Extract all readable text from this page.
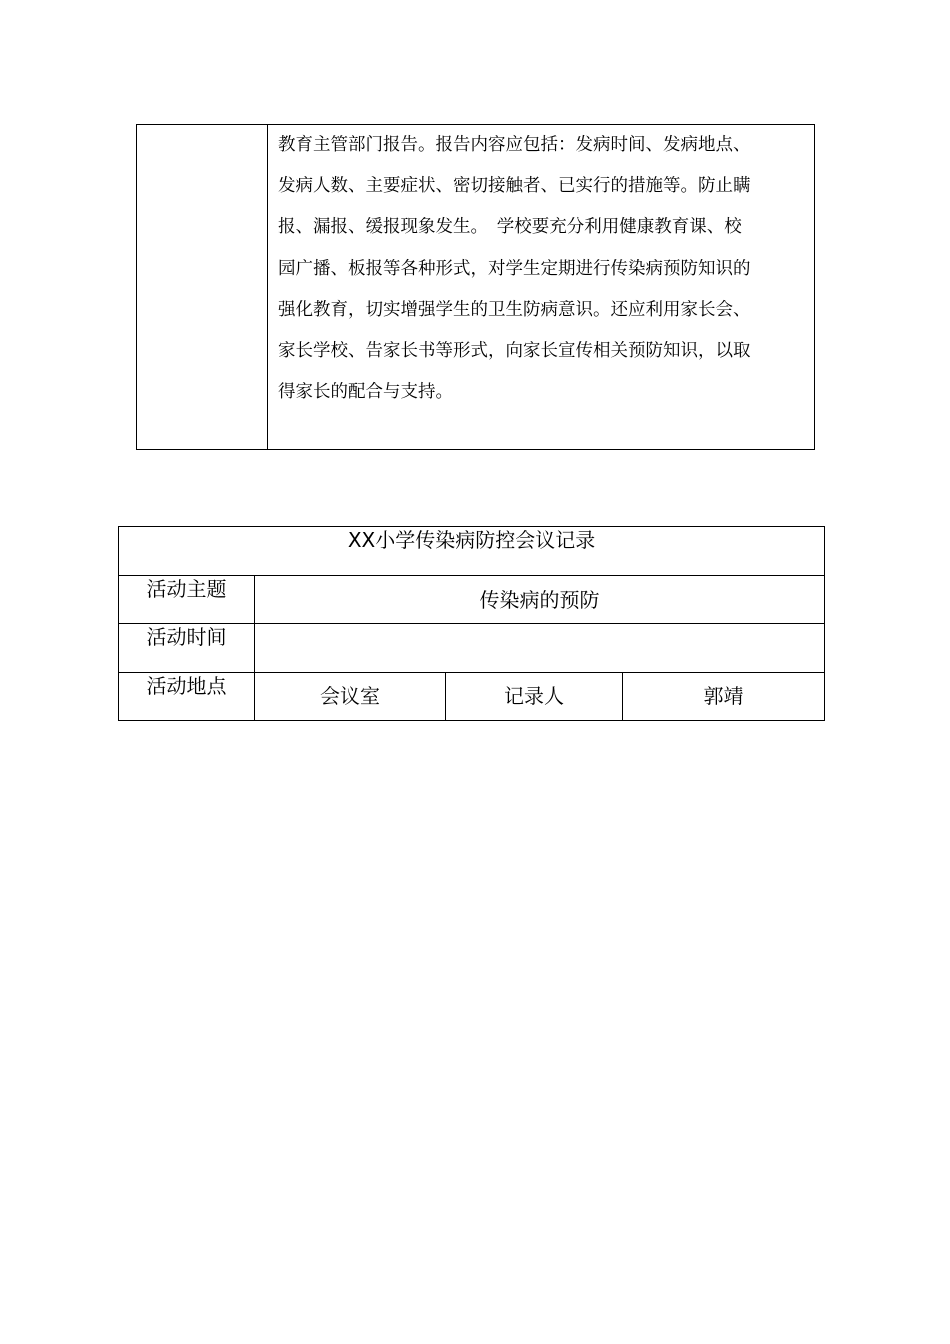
教育主管部门报告。报告内容应包括：发病时间、发病地点、
发病人数、主要症状、密切接触者、已实行的措施等。防止瞒
报、漏报、缓报现象发生。　学校要充分利用健康教育课、校
园广播、板报等各种形式，对学生定期进行传染病预防知识的
强化教育，切实增强学生的卫生防病意识。还应利用家长会、
家长学校、告家长书等形式，向家长宣传相关预防知识，以取
得家长的配合与支持。
XX小学传染病防控会议记录			
活动主题	传染病的预防		
活动时间			
活动地点	会议室	记录人	郭靖
